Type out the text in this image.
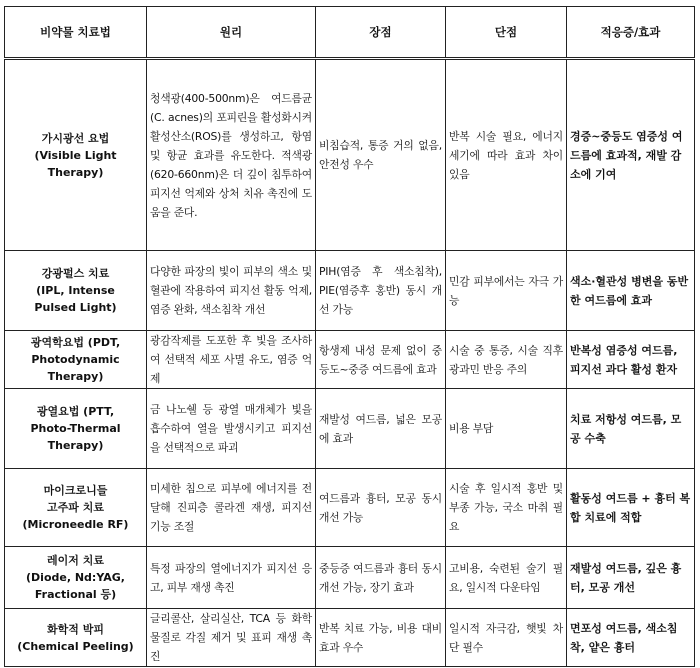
비약물 치료법	원리	장점	단점	적응증/효과

가시광선 요법
(Visible Light
Therapy)	청색광(400-500nm)은 여드름균(C. acnes)의 포피린을 활성화시켜 활성산소(ROS)를 생성하고, 항염 및 항균 효과를 유도한다. 적색광(620-660nm)은 더 깊이 침투하여 피지선 억제와 상처 치유 촉진에 도움을 준다.	비침습적, 통증 거의 없음, 안전성 우수	반복 시술 필요, 에너지 세기에 따라 효과 차이 있음	경증~중등도 염증성 여드름에 효과적, 재발 감소에 기여

강광펄스 치료
(IPL, Intense
Pulsed Light)	다양한 파장의 빛이 피부의 색소 및 혈관에 작용하여 피지선 활동 억제, 염증 완화, 색소침착 개선	PIH(염증 후 색소침착), PIE(염증후 홍반) 동시 개선 가능	민감 피부에서는 자극 가능	색소·혈관성 병변을 동반한 여드름에 효과

광역학요법 (PDT,
Photodynamic
Therapy)	광감작제를 도포한 후 빛을 조사하여 선택적 세포 사멸 유도, 염증 억제	항생제 내성 문제 없이 중등도~중증 여드름에 효과	시술 중 통증, 시술 직후 광과민 반응 주의	반복성 염증성 여드름, 피지선 과다 활성 환자

광열요법 (PTT,
Photo-Thermal
Therapy)	금 나노쉘 등 광열 매개체가 빛을 흡수하여 열을 발생시키고 피지선을 선택적으로 파괴	재발성 여드름, 넓은 모공에 효과	비용 부담	치료 저항성 여드름, 모공 수축

마이크로니들
고주파 치료
(Microneedle RF)	미세한 침으로 피부에 에너지를 전달해 진피층 콜라겐 재생, 피지선 기능 조절	여드름과 흉터, 모공 동시 개선 가능	시술 후 일시적 홍반 및 부종 가능, 국소 마취 필요	활동성 여드름 + 흉터 복합 치료에 적합

레이저 치료
(Diode, Nd:YAG,
Fractional 등)	특정 파장의 열에너지가 피지선 응고, 피부 재생 촉진	중등증 여드름과 흉터 동시 개선 가능, 장기 효과	고비용, 숙련된 술기 필요, 일시적 다운타임	재발성 여드름, 깊은 흉터, 모공 개선

화학적 박피
(Chemical Peeling)	글리콜산, 살리실산, TCA 등 화학물질로 각질 제거 및 표피 재생 촉진	반복 치료 가능, 비용 대비 효과 우수	일시적 자극감, 햇빛 차단 필수	면포성 여드름, 색소침착, 얕은 흉터
